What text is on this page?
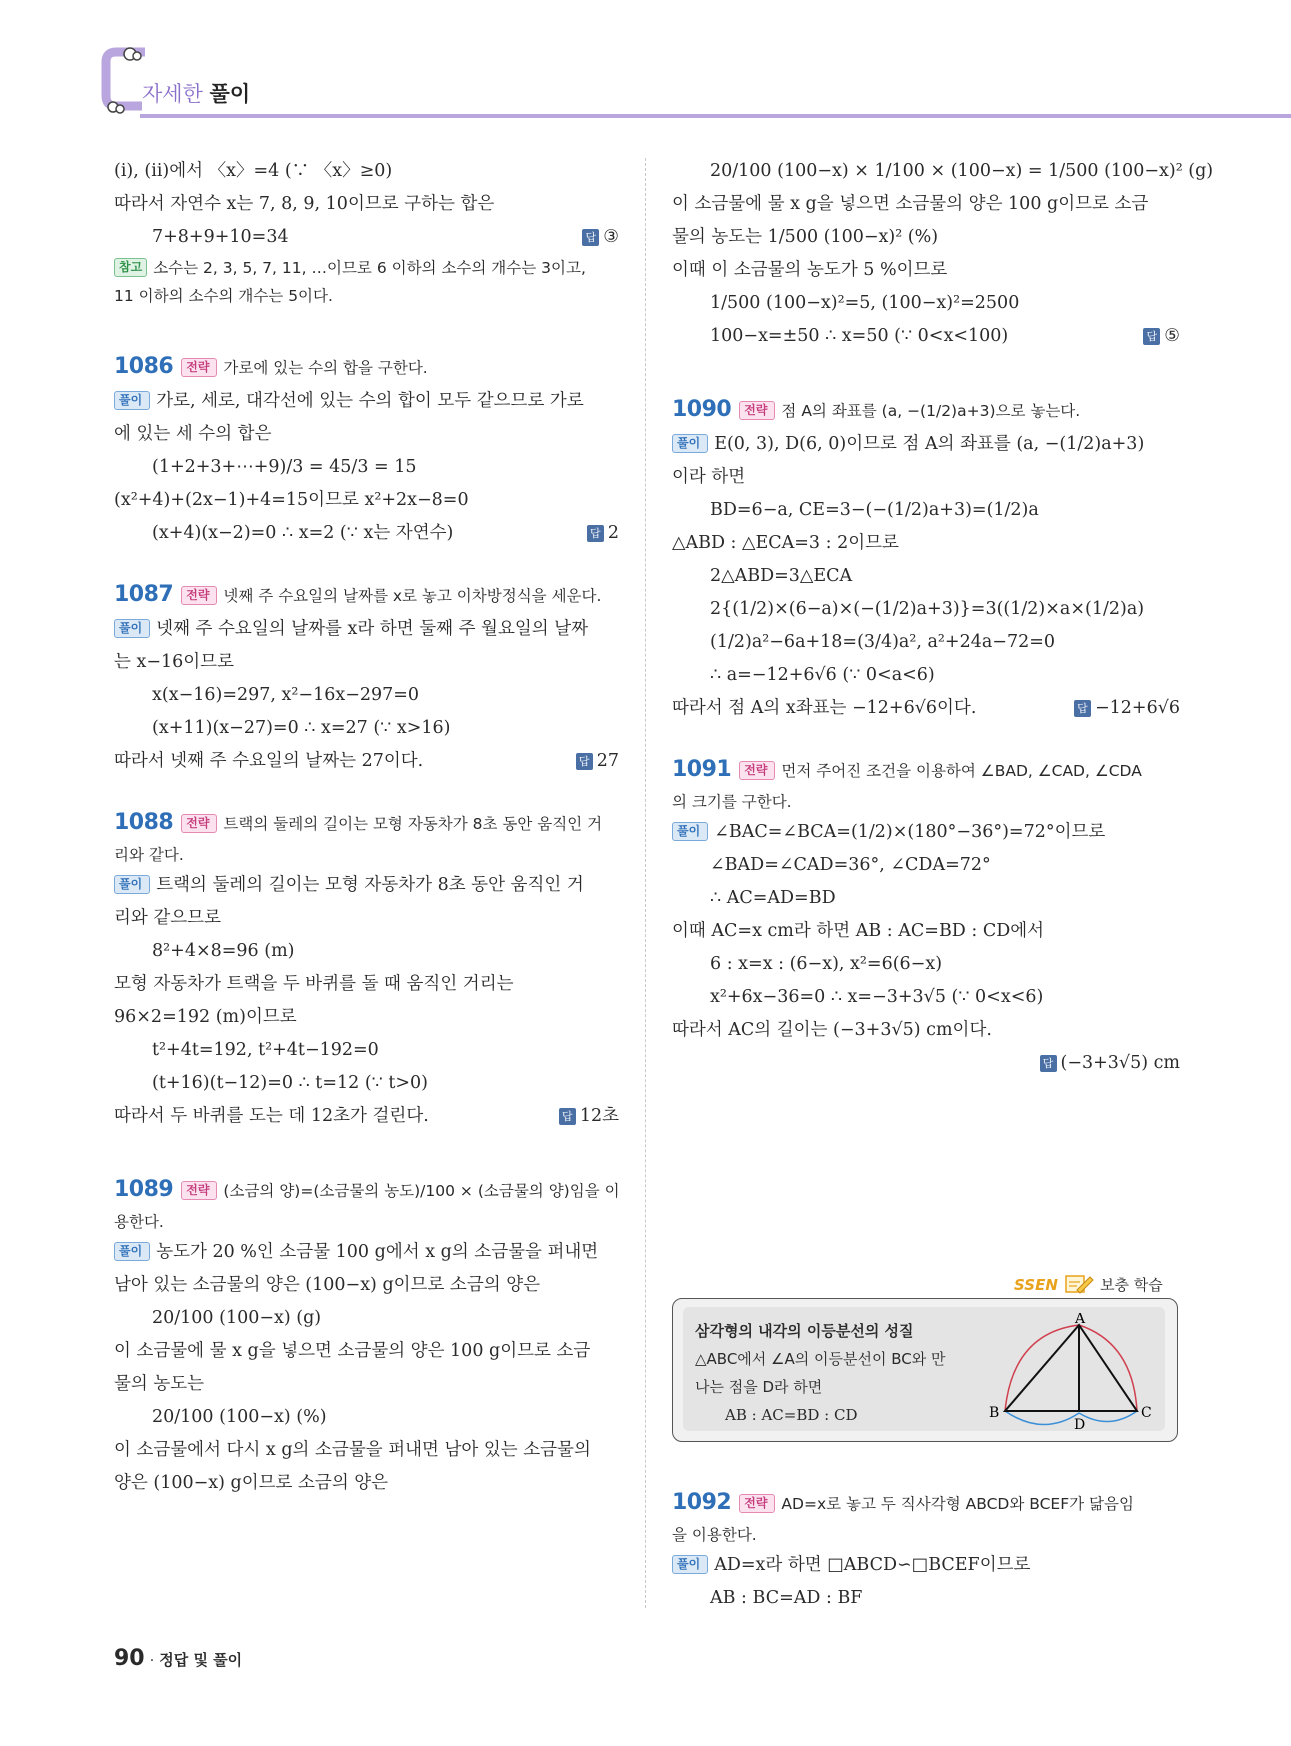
자세한 풀이
(ⅰ), (ⅱ)에서 〈x〉=4 (∵ 〈x〉≥0)
따라서 자연수 x는 7, 8, 9, 10이므로 구하는 합은
7+8+9+10=34	답 ③
참고 소수는 2, 3, 5, 7, 11, …이므로 6 이하의 소수의 개수는 3이고,
11 이하의 소수의 개수는 5이다.
1086 전략 가로에 있는 수의 합을 구한다.
풀이 가로, 세로, 대각선에 있는 수의 합이 모두 같으므로 가로
에 있는 세 수의 합은
(1+2+3+⋯+9)/3 = 45/3 = 15
(x²+4)+(2x−1)+4=15이므로 x²+2x−8=0
(x+4)(x−2)=0 ∴ x=2 (∵ x는 자연수)	답 2
1087 전략 넷째 주 수요일의 날짜를 x로 놓고 이차방정식을 세운다.
풀이 넷째 주 수요일의 날짜를 x라 하면 둘째 주 월요일의 날짜
는 x−16이므로
x(x−16)=297, x²−16x−297=0
(x+11)(x−27)=0 ∴ x=27 (∵ x>16)
따라서 넷째 주 수요일의 날짜는 27이다.	답 27
1088 전략 트랙의 둘레의 길이는 모형 자동차가 8초 동안 움직인 거
리와 같다.
풀이 트랙의 둘레의 길이는 모형 자동차가 8초 동안 움직인 거
리와 같으므로
8²+4×8=96 (m)
모형 자동차가 트랙을 두 바퀴를 돌 때 움직인 거리는
96×2=192 (m)이므로
t²+4t=192, t²+4t−192=0
(t+16)(t−12)=0 ∴ t=12 (∵ t>0)
따라서 두 바퀴를 도는 데 12초가 걸린다.	답 12초
1089 전략 (소금의 양)=(소금물의 농도)/100 × (소금물의 양)임을 이
용한다.
풀이 농도가 20 %인 소금물 100 g에서 x g의 소금물을 퍼내면
남아 있는 소금물의 양은 (100−x) g이므로 소금의 양은
20/100 (100−x) (g)
이 소금물에 물 x g을 넣으면 소금물의 양은 100 g이므로 소금
물의 농도는
20/100 (100−x) (%)
이 소금물에서 다시 x g의 소금물을 퍼내면 남아 있는 소금물의
양은 (100−x) g이므로 소금의 양은
20/100 (100−x) × 1/100 × (100−x) = 1/500 (100−x)² (g)
이 소금물에 물 x g을 넣으면 소금물의 양은 100 g이므로 소금
물의 농도는 1/500 (100−x)² (%)
이때 이 소금물의 농도가 5 %이므로
1/500 (100−x)²=5, (100−x)²=2500
100−x=±50 ∴ x=50 (∵ 0<x<100)	답 ⑤
1090 전략 점 A의 좌표를 (a, −(1/2)a+3)으로 놓는다.
풀이 E(0, 3), D(6, 0)이므로 점 A의 좌표를 (a, −(1/2)a+3)
이라 하면
BD=6−a, CE=3−(−(1/2)a+3)=(1/2)a
△ABD : △ECA=3 : 2이므로
2△ABD=3△ECA
2{(1/2)×(6−a)×(−(1/2)a+3)}=3((1/2)×a×(1/2)a)
(1/2)a²−6a+18=(3/4)a², a²+24a−72=0
∴ a=−12+6√6 (∵ 0<a<6)
따라서 점 A의 x좌표는 −12+6√6이다.	답 −12+6√6
1091 전략 먼저 주어진 조건을 이용하여 ∠BAD, ∠CAD, ∠CDA
의 크기를 구한다.
풀이 ∠BAC=∠BCA=(1/2)×(180°−36°)=72°이므로
∠BAD=∠CAD=36°, ∠CDA=72°
∴ AC=AD=BD
이때 AC=x cm라 하면 AB : AC=BD : CD에서
6 : x=x : (6−x), x²=6(6−x)
x²+6x−36=0 ∴ x=−3+3√5 (∵ 0<x<6)
따라서 AC의 길이는 (−3+3√5) cm이다.
답 (−3+3√5) cm
SSEN	보충 학습
삼각형의 내각의 이등분선의 성질
△ABC에서 ∠A의 이등분선이 BC와 만
나는 점을 D라 하면
AB : AC=BD : CD
A
B	C
D
1092 전략 AD=x로 놓고 두 직사각형 ABCD와 BCEF가 닮음임
을 이용한다.
풀이 AD=x라 하면 □ABCD∽□BCEF이므로
AB : BC=AD : BF
90 · 정답 및 풀이
